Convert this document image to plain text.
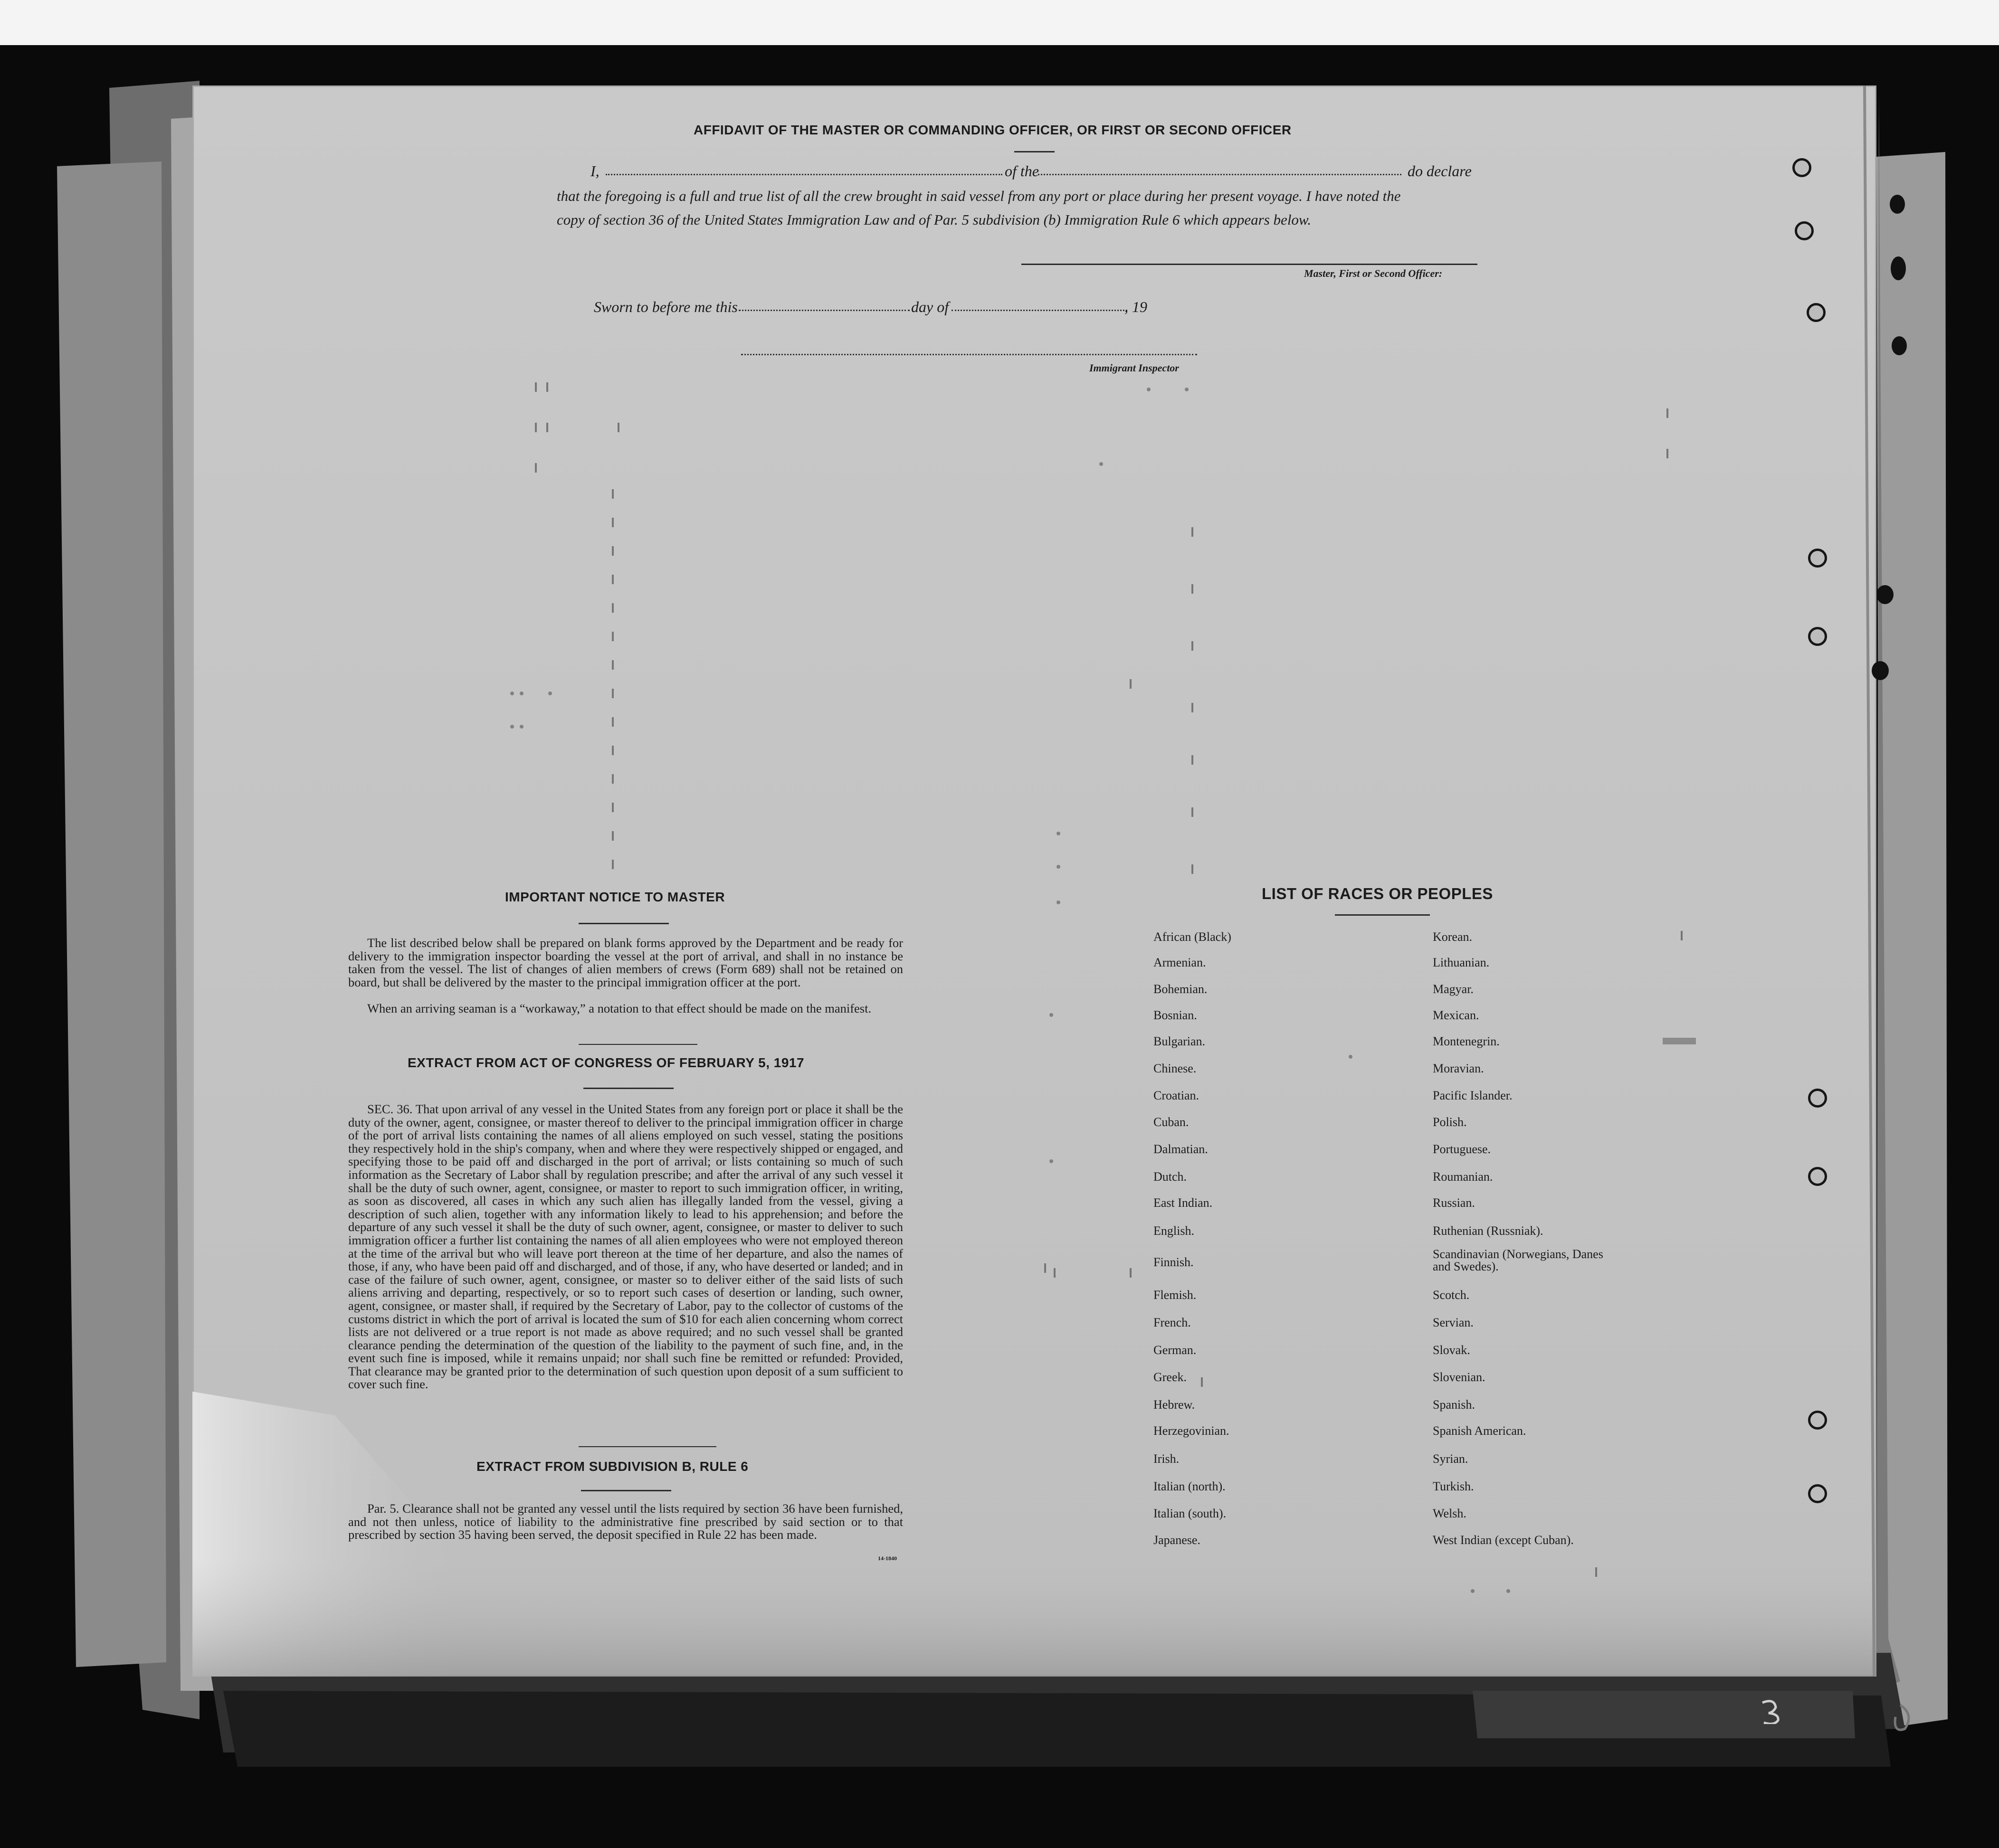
AFFIDAVIT OF THE MASTER OR COMMANDING OFFICER, OR FIRST OR SECOND OFFICER
I,	of the	do declare
that the foregoing is a full and true list of all the crew brought in said vessel from any port or place during her present voyage. I have noted the
copy of section 36 of the United States Immigration Law and of Par. 5 subdivision (b) Immigration Rule 6 which appears below.
Master, First or Second Officer:
Sworn to before me this	day of	, 19
Immigrant Inspector
IMPORTANT NOTICE TO MASTER
The list described below shall be prepared on blank forms approved by the Department and be ready for delivery to the immigration inspector boarding the vessel at the port of arrival, and shall in no instance be taken from the vessel. The list of changes of alien members of crews (Form 689) shall not be retained on board, but shall be delivered by the master to the principal immigration officer at the port.
When an arriving seaman is a “workaway,” a notation to that effect should be made on the manifest.
EXTRACT FROM ACT OF CONGRESS OF FEBRUARY 5, 1917
SEC. 36. That upon arrival of any vessel in the United States from any foreign port or place it shall be the duty of the owner, agent, consignee, or master thereof to deliver to the principal immigration officer in charge of the port of arrival lists containing the names of all aliens employed on such vessel, stating the positions they respectively hold in the ship's company, when and where they were respectively shipped or engaged, and specifying those to be paid off and discharged in the port of arrival; or lists containing so much of such information as the Secretary of Labor shall by regulation prescribe; and after the arrival of any such vessel it shall be the duty of such owner, agent, consignee, or master to report to such immigration officer, in writing, as soon as discovered, all cases in which any such alien has illegally landed from the vessel, giving a description of such alien, together with any information likely to lead to his apprehension; and before the departure of any such vessel it shall be the duty of such owner, agent, consignee, or master to deliver to such immigration officer a further list containing the names of all alien employees who were not employed thereon at the time of the arrival but who will leave port thereon at the time of her departure, and also the names of those, if any, who have been paid off and discharged, and of those, if any, who have deserted or landed; and in case of the failure of such owner, agent, consignee, or master so to deliver either of the said lists of such aliens arriving and departing, respectively, or so to report such cases of desertion or landing, such owner, agent, consignee, or master shall, if required by the Secretary of Labor, pay to the collector of customs of the customs district in which the port of arrival is located the sum of $10 for each alien concerning whom correct lists are not delivered or a true report is not made as above required; and no such vessel shall be granted clearance pending the determination of the question of the liability to the payment of such fine, and, in the event such fine is imposed, while it remains unpaid; nor shall such fine be remitted or refunded: Provided, That clearance may be granted prior to the determination of such question upon deposit of a sum sufficient to cover such fine.
EXTRACT FROM SUBDIVISION B, RULE 6
Par. 5. Clearance shall not be granted any vessel until the lists required by section 36 have been furnished, and not then unless, notice of liability to the administrative fine prescribed by said section or to that prescribed by section 35 having been served, the deposit specified in Rule 22 has been made.
14-1840
LIST OF RACES OR PEOPLES
African (Black)
Armenian.
Bohemian.
Bosnian.
Bulgarian.
Chinese.
Croatian.
Cuban.
Dalmatian.
Dutch.
East Indian.
English.
Finnish.
Flemish.
French.
German.
Greek.
Hebrew.
Herzegovinian.
Irish.
Italian (north).
Italian (south).
Japanese.
Korean.
Lithuanian.
Magyar.
Mexican.
Montenegrin.
Moravian.
Pacific Islander.
Polish.
Portuguese.
Roumanian.
Russian.
Ruthenian (Russniak).
Scandinavian (Norwegians, Danes and Swedes).
Scotch.
Servian.
Slovak.
Slovenian.
Spanish.
Spanish American.
Syrian.
Turkish.
Welsh.
West Indian (except Cuban).
